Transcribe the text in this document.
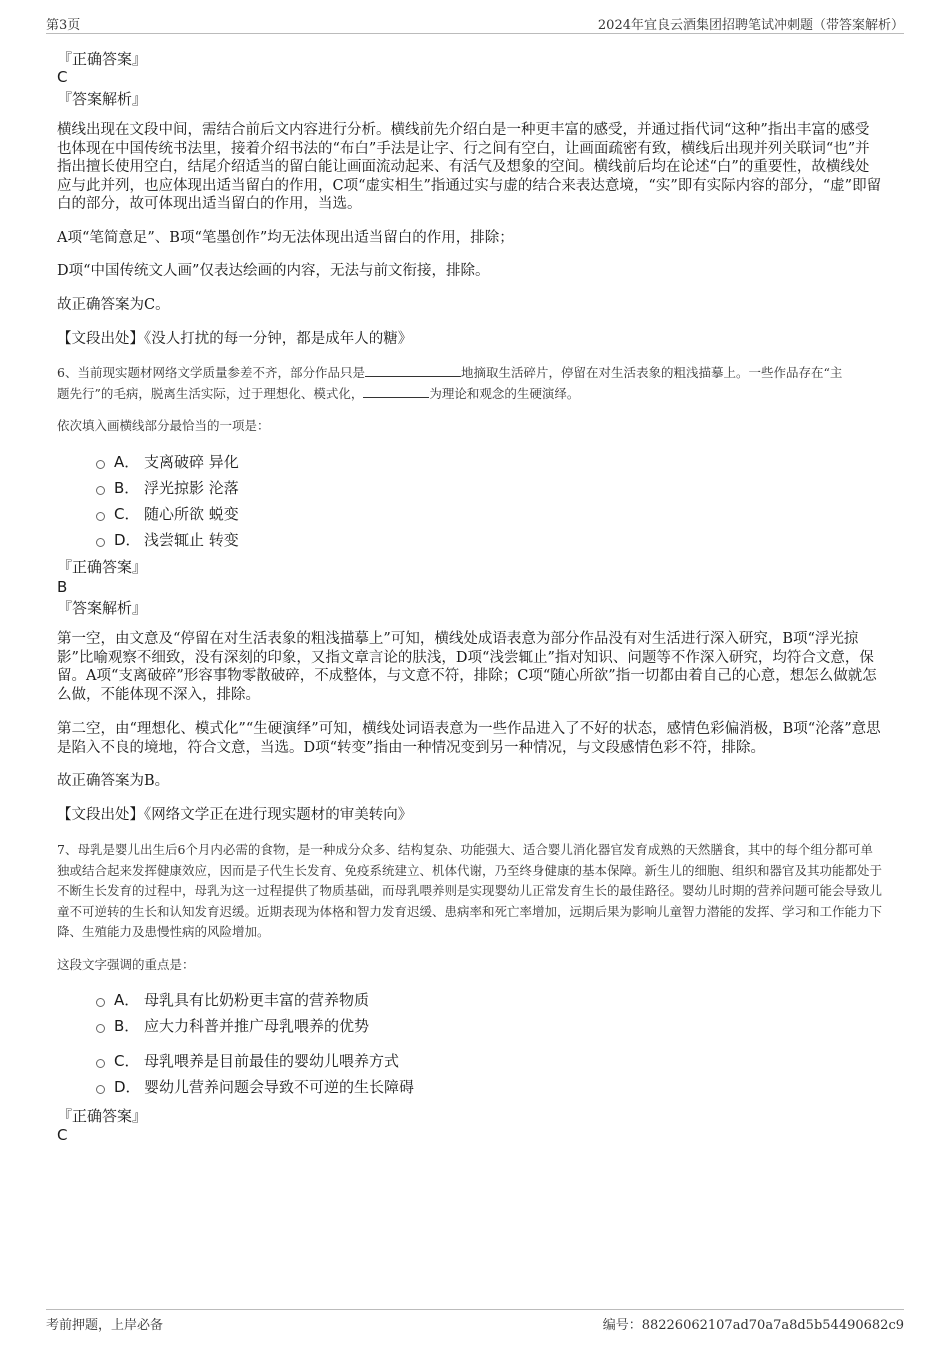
第3页	2024年宜良云酒集团招聘笔试冲刺题（带答案解析）
『正确答案』
C
『答案解析』
横线出现在文段中间，需结合前后文内容进行分析。横线前先介绍白是一种更丰富的感受，并通过指代词“这种”指出丰富的感受也体现在中国传统书法里，接着介绍书法的“布白”手法是让字、行之间有空白，让画面疏密有致，横线后出现并列关联词“也”并指出擅长使用空白，结尾介绍适当的留白能让画面流动起来、有活气及想象的空间。横线前后均在论述“白”的重要性，故横线处应与此并列，也应体现出适当留白的作用，C项“虚实相生”指通过实与虚的结合来表达意境，“实”即有实际内容的部分，“虚”即留白的部分，故可体现出适当留白的作用，当选。
A项“笔简意足”、B项“笔墨创作”均无法体现出适当留白的作用，排除；
D项“中国传统文人画”仅表达绘画的内容，无法与前文衔接，排除。
故正确答案为C。
【文段出处】《没人打扰的每一分钟，都是成年人的糖》
6、当前现实题材网络文学质量参差不齐，部分作品只是	地摘取生活碎片，停留在对生活表象的粗浅描摹上。一些作品存在“主
题先行”的毛病，脱离生活实际，过于理想化、模式化，	为理论和观念的生硬演绎。
依次填入画横线部分最恰当的一项是：
A． 支离破碎 异化
B． 浮光掠影 沦落
C． 随心所欲 蜕变
D． 浅尝辄止 转变
『正确答案』
B
『答案解析』
第一空，由文意及“停留在对生活表象的粗浅描摹上”可知，横线处成语表意为部分作品没有对生活进行深入研究，B项“浮光掠影”比喻观察不细致，没有深刻的印象，又指文章言论的肤浅，D项“浅尝辄止”指对知识、问题等不作深入研究，均符合文意，保留。A项“支离破碎”形容事物零散破碎，不成整体，与文意不符，排除；C项“随心所欲”指一切都由着自己的心意，想怎么做就怎么做，不能体现不深入，排除。
第二空，由“理想化、模式化”“生硬演绎”可知，横线处词语表意为一些作品进入了不好的状态，感情色彩偏消极，B项“沦落”意思是陷入不良的境地，符合文意，当选。D项“转变”指由一种情况变到另一种情况，与文段感情色彩不符，排除。
故正确答案为B。
【文段出处】《网络文学正在进行现实题材的审美转向》
7、母乳是婴儿出生后6个月内必需的食物，是一种成分众多、结构复杂、功能强大、适合婴儿消化器官发育成熟的天然膳食，其中的每个组分都可单独或结合起来发挥健康效应，因而是子代生长发育、免疫系统建立、机体代谢，乃至终身健康的基本保障。新生儿的细胞、组织和器官及其功能都处于不断生长发育的过程中，母乳为这一过程提供了物质基础，而母乳喂养则是实现婴幼儿正常发育生长的最佳路径。婴幼儿时期的营养问题可能会导致儿童不可逆转的生长和认知发育迟缓。近期表现为体格和智力发育迟缓、患病率和死亡率增加，远期后果为影响儿童智力潜能的发挥、学习和工作能力下降、生殖能力及患慢性病的风险增加。
这段文字强调的重点是：
A． 母乳具有比奶粉更丰富的营养物质
B． 应大力科普并推广母乳喂养的优势
C． 母乳喂养是目前最佳的婴幼儿喂养方式
D． 婴幼儿营养问题会导致不可逆的生长障碍
『正确答案』
C
考前押题，上岸必备	编号：88226062107ad70a7a8d5b54490682c9
